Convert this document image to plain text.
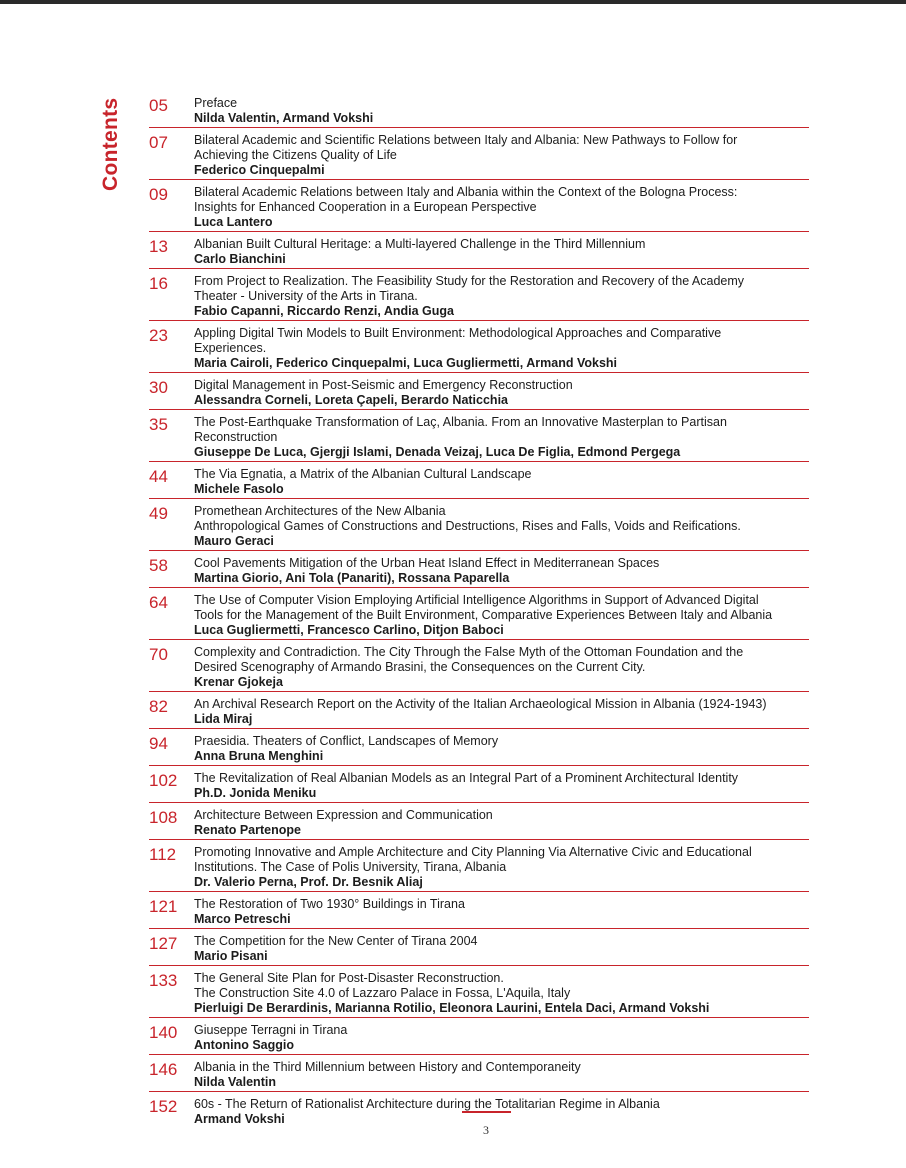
Contents 05	Preface
Nilda Valentin, Armand Vokshi
07	Bilateral Academic and Scientific Relations between Italy and Albania: New Pathways to Follow for
Achieving the Citizens Quality of Life
Federico Cinquepalmi
09	Bilateral Academic Relations between Italy and Albania within the Context of the Bologna Process:
Insights for Enhanced Cooperation in a European Perspective
Luca Lantero
13	Albanian Built Cultural Heritage: a Multi-layered Challenge in the Third Millennium
Carlo Bianchini
16	From Project to Realization. The Feasibility Study for the Restoration and Recovery of the Academy
Theater - University of the Arts in Tirana.
Fabio Capanni, Riccardo Renzi, Andia Guga
23	Appling Digital Twin Models to Built Environment: Methodological Approaches and Comparative
Experiences.
Maria Cairoli, Federico Cinquepalmi, Luca Gugliermetti, Armand Vokshi
30	Digital Management in Post-Seismic and Emergency Reconstruction
Alessandra Corneli, Loreta Çapeli, Berardo Naticchia
35	The Post-Earthquake Transformation of Laç, Albania. From an Innovative Masterplan to Partisan
Reconstruction
Giuseppe De Luca, Gjergji Islami, Denada Veizaj, Luca De Figlia, Edmond Pergega
44	The Via Egnatia, a Matrix of the Albanian Cultural Landscape
Michele Fasolo
49	Promethean Architectures of the New Albania
Anthropological Games of Constructions and Destructions, Rises and Falls, Voids and Reifications.
Mauro Geraci
58	Cool Pavements Mitigation of the Urban Heat Island Effect in Mediterranean Spaces
Martina Giorio, Ani Tola (Panariti), Rossana Paparella
64	The Use of Computer Vision Employing Artificial Intelligence Algorithms in Support of Advanced Digital
Tools for the Management of the Built Environment, Comparative Experiences Between Italy and Albania
Luca Gugliermetti, Francesco Carlino, Ditjon Baboci
70	Complexity and Contradiction. The City Through the False Myth of the Ottoman Foundation and the
Desired Scenography of Armando Brasini, the Consequences on the Current City.
Krenar Gjokeja
82	An Archival Research Report on the Activity of the Italian Archaeological Mission in Albania (1924-1943)
Lida Miraj
94	Praesidia. Theaters of Conflict, Landscapes of Memory
Anna Bruna Menghini
102	The Revitalization of Real Albanian Models as an Integral Part of a Prominent Architectural Identity
Ph.D. Jonida Meniku
108	Architecture Between Expression and Communication
Renato Partenope
112	Promoting Innovative and Ample Architecture and City Planning Via Alternative Civic and Educational
Institutions. The Case of Polis University, Tirana, Albania
Dr. Valerio Perna, Prof. Dr. Besnik Aliaj
121	The Restoration of Two 1930° Buildings in Tirana
Marco Petreschi
127	The Competition for the New Center of Tirana 2004
Mario Pisani
133	The General Site Plan for Post-Disaster Reconstruction.
The Construction Site 4.0 of Lazzaro Palace in Fossa, L'Aquila, Italy
Pierluigi De Berardinis, Marianna Rotilio, Eleonora Laurini, Entela Daci, Armand Vokshi
140	Giuseppe Terragni in Tirana
Antonino Saggio
146	Albania in the Third Millennium between History and Contemporaneity
Nilda Valentin
152	60s - The Return of Rationalist Architecture during the Totalitarian Regime in Albania
Armand Vokshi
3
